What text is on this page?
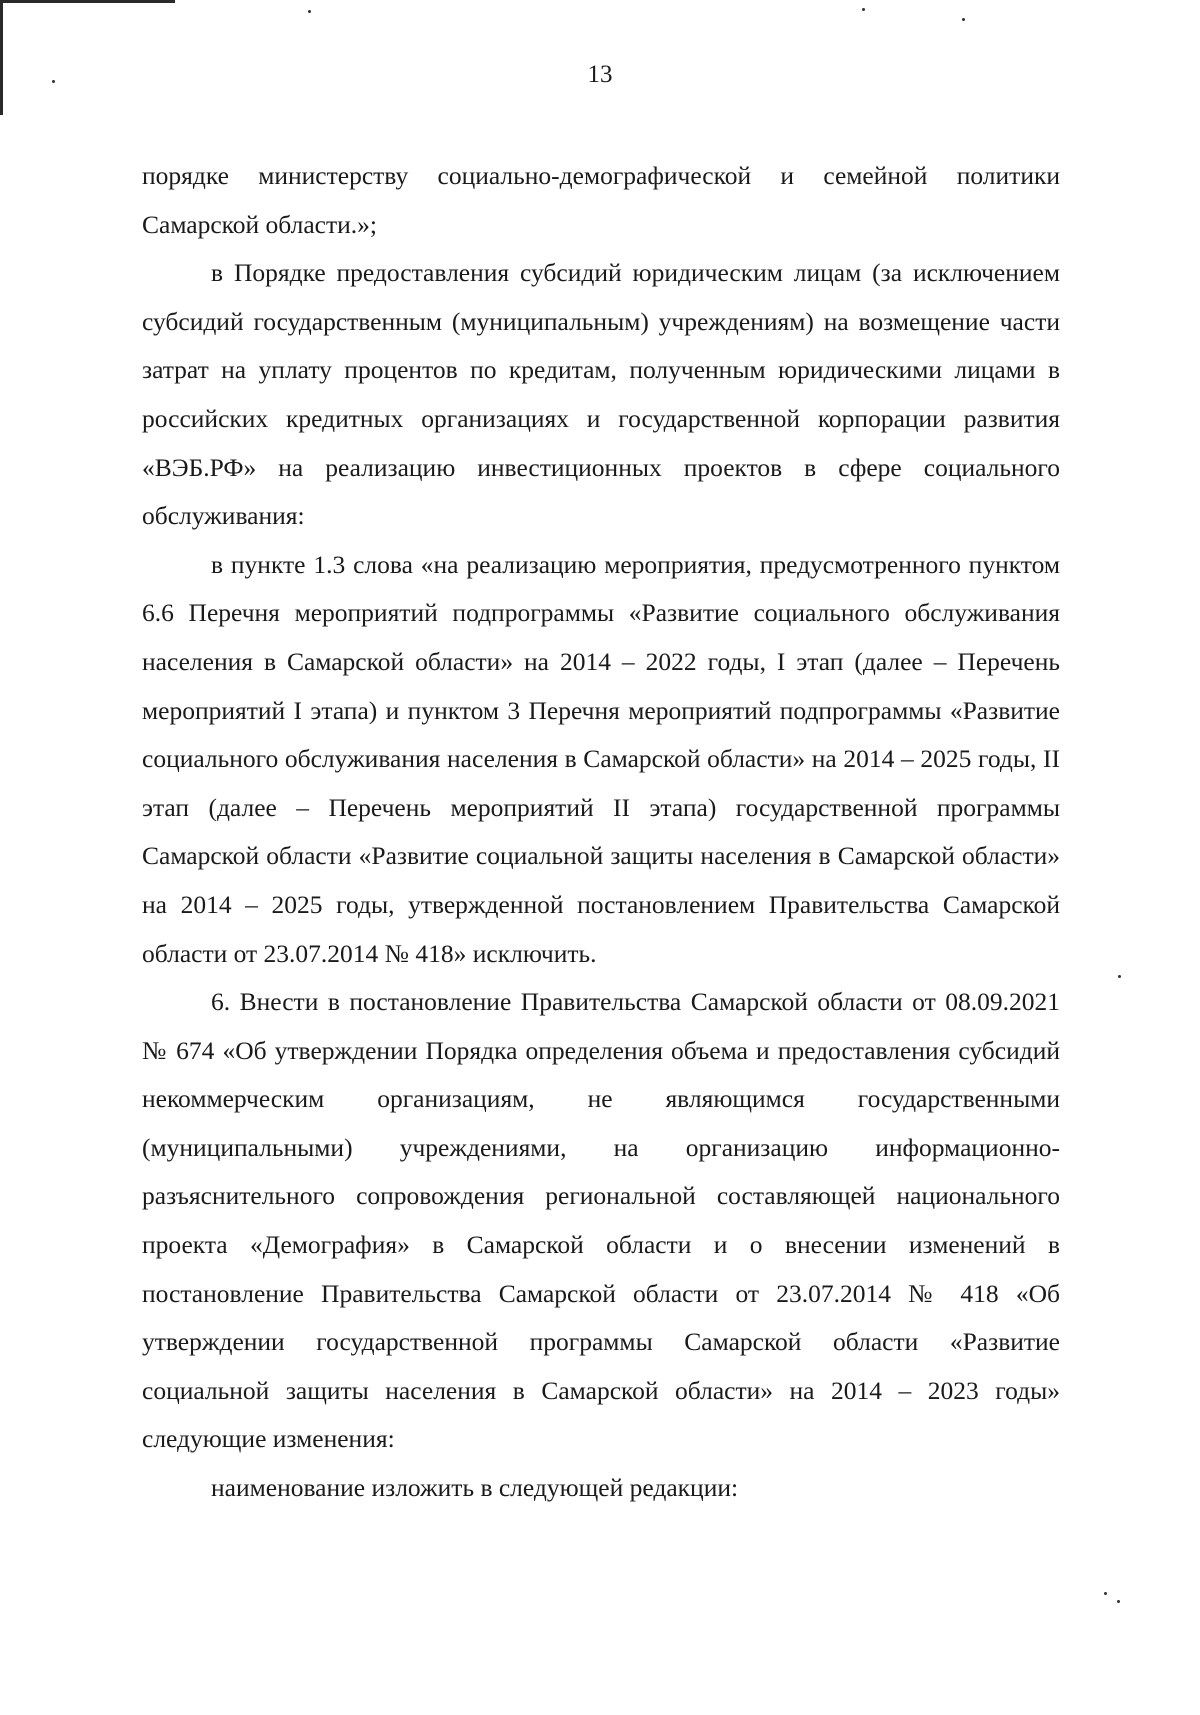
13

порядке министерству социально-демографической и семейной политики Самарской области.»;

в Порядке предоставления субсидий юридическим лицам (за исключением субсидий государственным (муниципальным) учреждениям) на возмещение части затрат на уплату процентов по кредитам, полученным юридическими лицами в российских кредитных организациях и государственной корпорации развития «ВЭБ.РФ» на реализацию инвестиционных проектов в сфере социального обслуживания:

в пункте 1.3 слова «на реализацию мероприятия, предусмотренного пунктом 6.6 Перечня мероприятий подпрограммы «Развитие социального обслуживания населения в Самарской области» на 2014 – 2022 годы, I этап (далее – Перечень мероприятий I этапа) и пунктом 3 Перечня мероприятий подпрограммы «Развитие социального обслуживания населения в Самарской области» на 2014 – 2025 годы, II этап (далее – Перечень мероприятий II этапа) государственной программы Самарской области «Развитие социальной защиты населения в Самарской области» на 2014 – 2025 годы, утвержденной постановлением Правительства Самарской области от 23.07.2014 № 418» исключить.

6. Внести в постановление Правительства Самарской области от 08.09.2021 № 674 «Об утверждении Порядка определения объема и предоставления субсидий некоммерческим организациям, не являющимся государственными (муниципальными) учреждениями, на организацию информационно-разъяснительного сопровождения региональной составляющей национального проекта «Демография» в Самарской области и о внесении изменений в постановление Правительства Самарской области от 23.07.2014 № 418 «Об утверждении государственной программы Самарской области «Развитие социальной защиты населения в Самарской области» на 2014 – 2023 годы» следующие изменения:

наименование изложить в следующей редакции:
